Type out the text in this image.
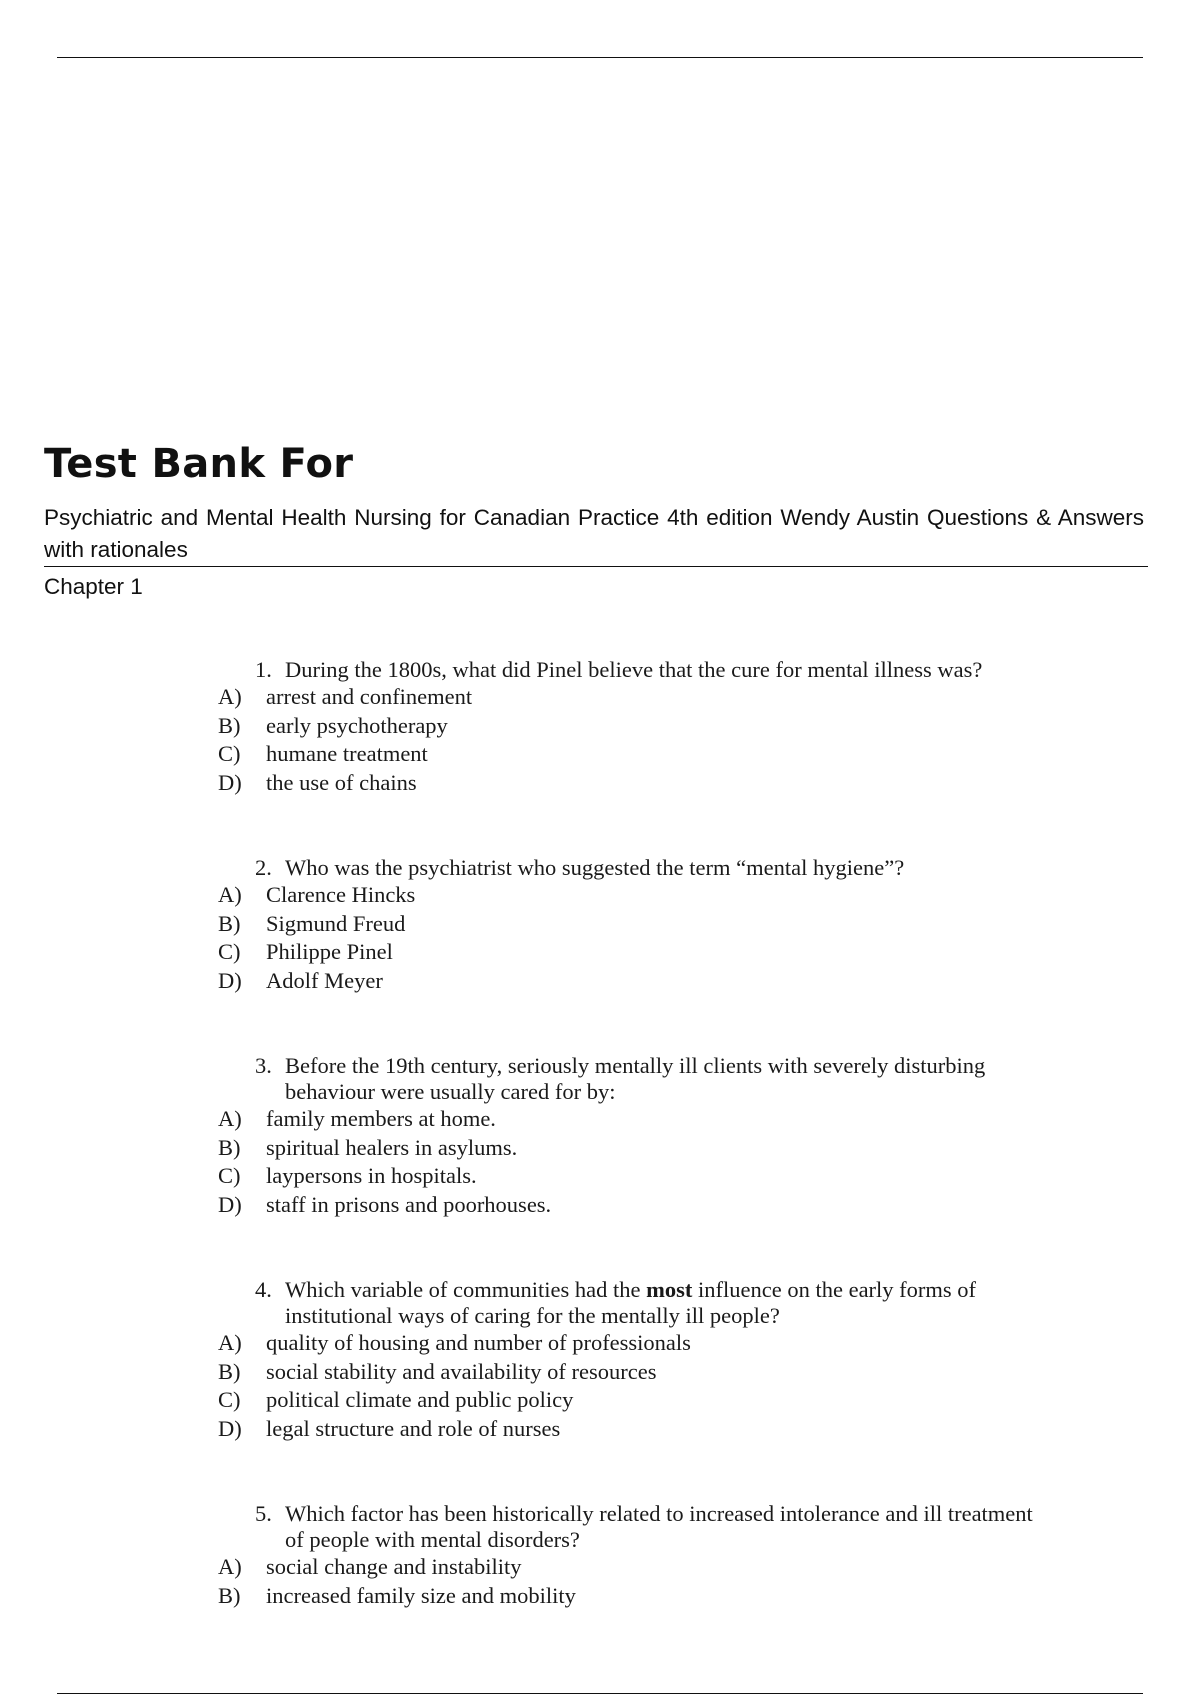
Test Bank For

Psychiatric and Mental Health Nursing for Canadian Practice 4th edition Wendy Austin Questions & Answers with rationales

Chapter 1

1. During the 1800s, what did Pinel believe that the cure for mental illness was?
A)	arrest and confinement
B)	early psychotherapy
C)	humane treatment
D)	the use of chains
2. Who was the psychiatrist who suggested the term “mental hygiene”?
A)	Clarence Hincks
B)	Sigmund Freud
C)	Philippe Pinel
D)	Adolf Meyer
3. Before the 19th century, seriously mentally ill clients with severely disturbing behaviour were usually cared for by:
A)	family members at home.
B)	spiritual healers in asylums.
C)	laypersons in hospitals.
D)	staff in prisons and poorhouses.
4. Which variable of communities had the most influence on the early forms of institutional ways of caring for the mentally ill people?
A)	quality of housing and number of professionals
B)	social stability and availability of resources
C)	political climate and public policy
D)	legal structure and role of nurses
5. Which factor has been historically related to increased intolerance and ill treatment of people with mental disorders?
A)	social change and instability
B)	increased family size and mobility
